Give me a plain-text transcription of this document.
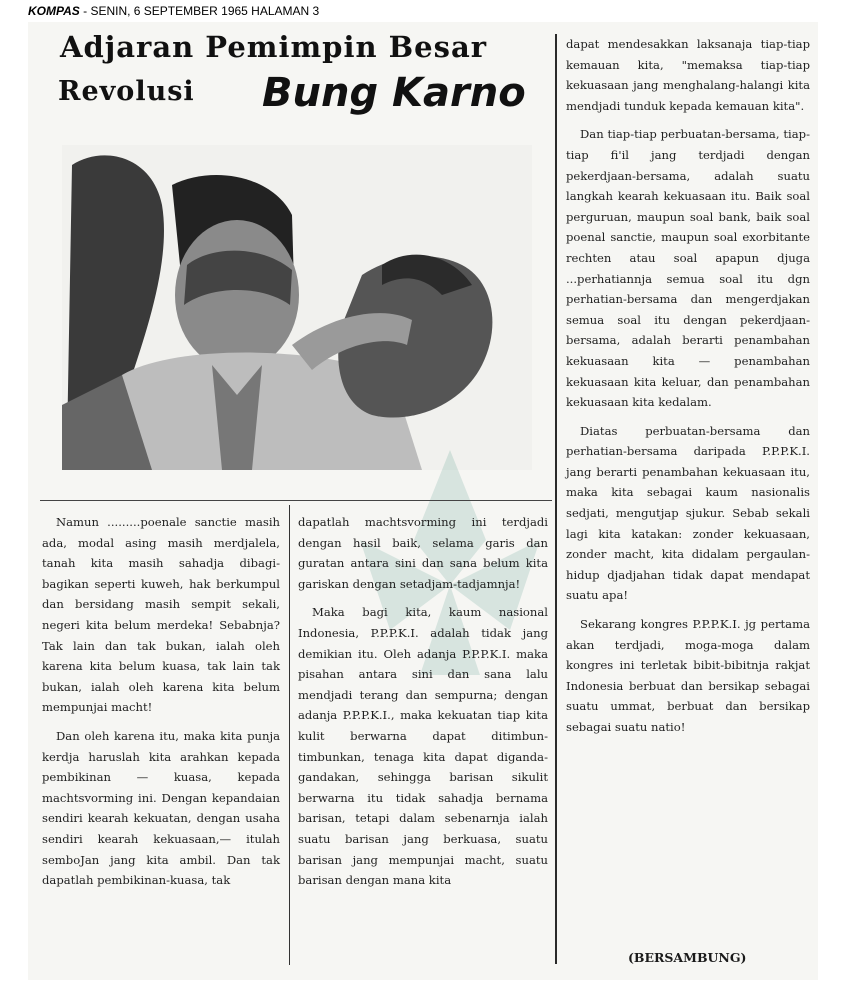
KOMPAS - SENIN, 6 SEPTEMBER 1965 HALAMAN 3
Adjaran Pemimpin Besar
Revolusi Bung Karno

Namun .........poenale sanctie masih ada, modal asing masih merdjalela, tanah kita masih sahadja dibagi-bagikan seperti kuweh, hak berkumpul dan bersidang masih sempit sekali, negeri kita belum merdeka! Sebabnja? Tak lain dan tak bukan, ialah oleh karena kita belum kuasa, tak lain tak bukan, ialah oleh karena kita belum mempunjai macht!

Dan oleh karena itu, maka kita punja kerdja haruslah kita arahkan kepada pembikinan — kuasa, kepada machtsvorming ini. Dengan kepandaian sendiri kearah kekuatan, dengan usaha sendiri kearah kekuasaan,— itulah semboJan jang kita ambil. Dan tak dapatlah pembikinan-kuasa, tak

dapatlah machtsvorming ini terdjadi dengan hasil baik, selama garis dan guratan antara sini dan sana belum kita gariskan dengan setadjam-tadjamnja!

Maka bagi kita, kaum nasional Indonesia, P.P.P.K.I. adalah tidak jang demikian itu. Oleh adanja P.P.P.K.I. maka pisahan antara sini dan sana lalu mendjadi terang dan sempurna; dengan adanja P.P.P.K.I., maka kekuatan tiap kita kulit berwarna dapat ditimbun-timbunkan, tenaga kita dapat diganda-gandakan, sehingga barisan sikulit berwarna itu tidak sahadja bernama barisan, tetapi dalam sebenarnja ialah suatu barisan jang berkuasa, suatu barisan jang mempunjai macht, suatu barisan dengan mana kita

dapat mendesakkan laksanaja tiap-tiap kemauan kita, "memaksa tiap-tiap kekuasaan jang menghalang-halangi kita mendjadi tunduk kepada kemauan kita".

Dan tiap-tiap perbuatan-bersama, tiap-tiap fi'il jang terdjadi dengan pekerdjaan-bersama, adalah suatu langkah kearah kekuasaan itu. Baik soal perguruan, maupun soal bank, baik soal poenal sanctie, maupun soal exorbitante rechten atau soal apapun djuga ...perhatiannja semua soal itu dgn perhatian-bersama dan mengerdjakan semua soal itu dengan pekerdjaan-bersama, adalah berarti penambahan kekuasaan kita — penambahan kekuasaan kita keluar, dan penambahan kekuasaan kita kedalam.

Diatas perbuatan-bersama dan perhatian-bersama daripada P.P.P.K.I. jang berarti penambahan kekuasaan itu, maka kita sebagai kaum nasionalis sedjati, mengutjap sjukur. Sebab sekali lagi kita katakan: zonder kekuasaan, zonder macht, kita didalam pergaulan-hidup djadjahan tidak dapat mendapat suatu apa!

Sekarang kongres P.P.P.K.I. jg pertama akan terdjadi, moga-moga dalam kongres ini terletak bibit-bibitnja rakjat Indonesia berbuat dan bersikap sebagai suatu ummat, berbuat dan bersikap sebagai suatu natio!

(BERSAMBUNG)
